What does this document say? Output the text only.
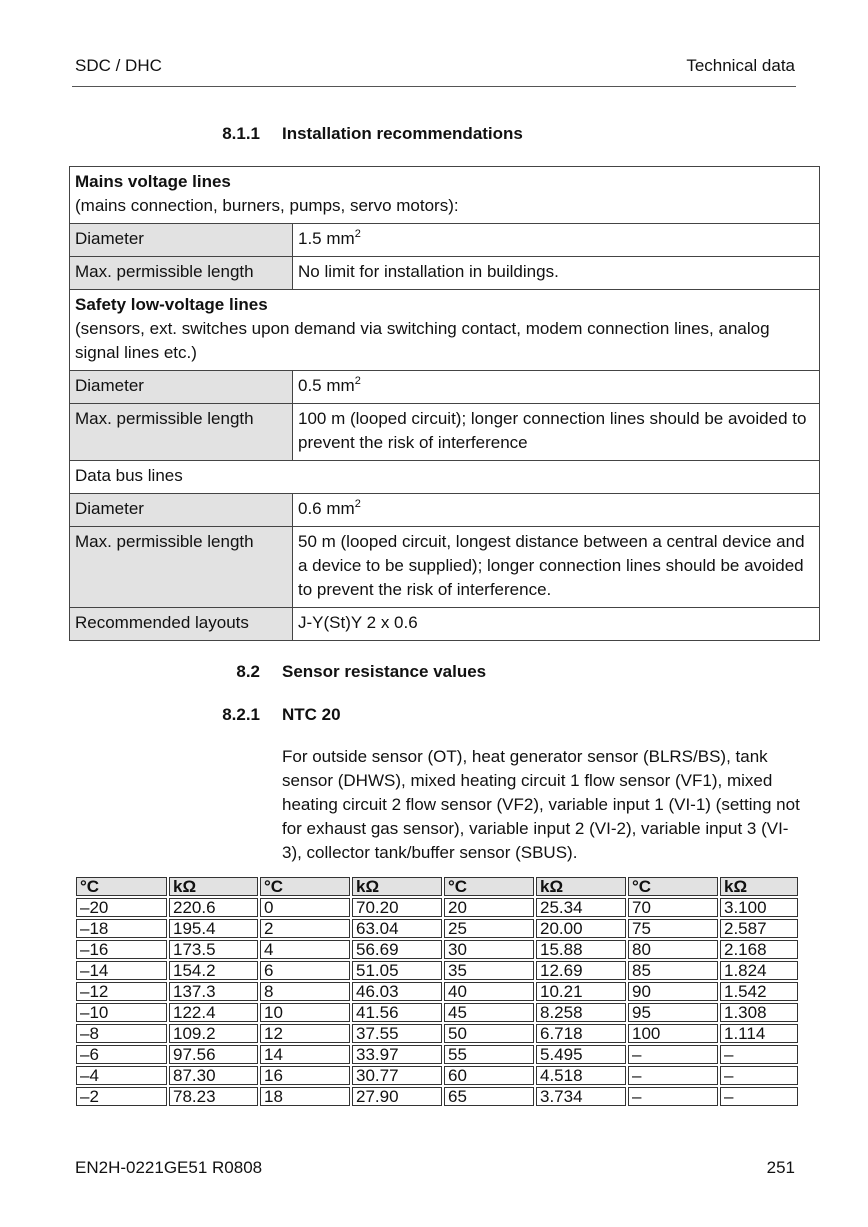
SDC / DHC	Technical data
8.1.1 Installation recommendations
Mains voltage lines
(mains connection, burners, pumps, servo motors):	

Diameter	1.5 $mm^2$
Max. permissible length	No limit for installation in buildings.

Safety low-voltage lines
(sensors, ext. switches upon demand via switching contact, modem connection lines, analog signal lines etc.)	

Diameter	0.5 $mm^2$
Max. permissible length	100 m (looped circuit); longer connection lines should be avoided to prevent the risk of interference
Data bus lines	
Diameter	0.6 $mm^2$
Max. permissible length	50 m (looped circuit, longest distance between a central device and a device to be supplied); longer connection lines should be avoided to prevent the risk of interference.
Recommended layouts	J-Y(St)Y 2 x 0.6
8.2 Sensor resistance values
8.2.1 NTC 20
For outside sensor (OT), heat generator sensor (BLRS/BS), tank sensor (DHWS), mixed heating circuit 1 flow sensor (VF1), mixed heating circuit 2 flow sensor (VF2), variable input 1 (VI-1) (setting not for exhaust gas sensor), variable input 2 (VI-2), variable input 3 (VI-3), collector tank/buffer sensor (SBUS).
°C	kΩ	°C	kΩ	°C	kΩ	°C	kΩ
–20	220.6	0	70.20	20	25.34	70	3.100
–18	195.4	2	63.04	25	20.00	75	2.587
–16	173.5	4	56.69	30	15.88	80	2.168
–14	154.2	6	51.05	35	12.69	85	1.824
–12	137.3	8	46.03	40	10.21	90	1.542
–10	122.4	10	41.56	45	8.258	95	1.308
–8	109.2	12	37.55	50	6.718	100	1.114
–6	97.56	14	33.97	55	5.495	–	–
–4	87.30	16	30.77	60	4.518	–	–
–2	78.23	18	27.90	65	3.734	–	–
EN2H-0221GE51 R0808	251
